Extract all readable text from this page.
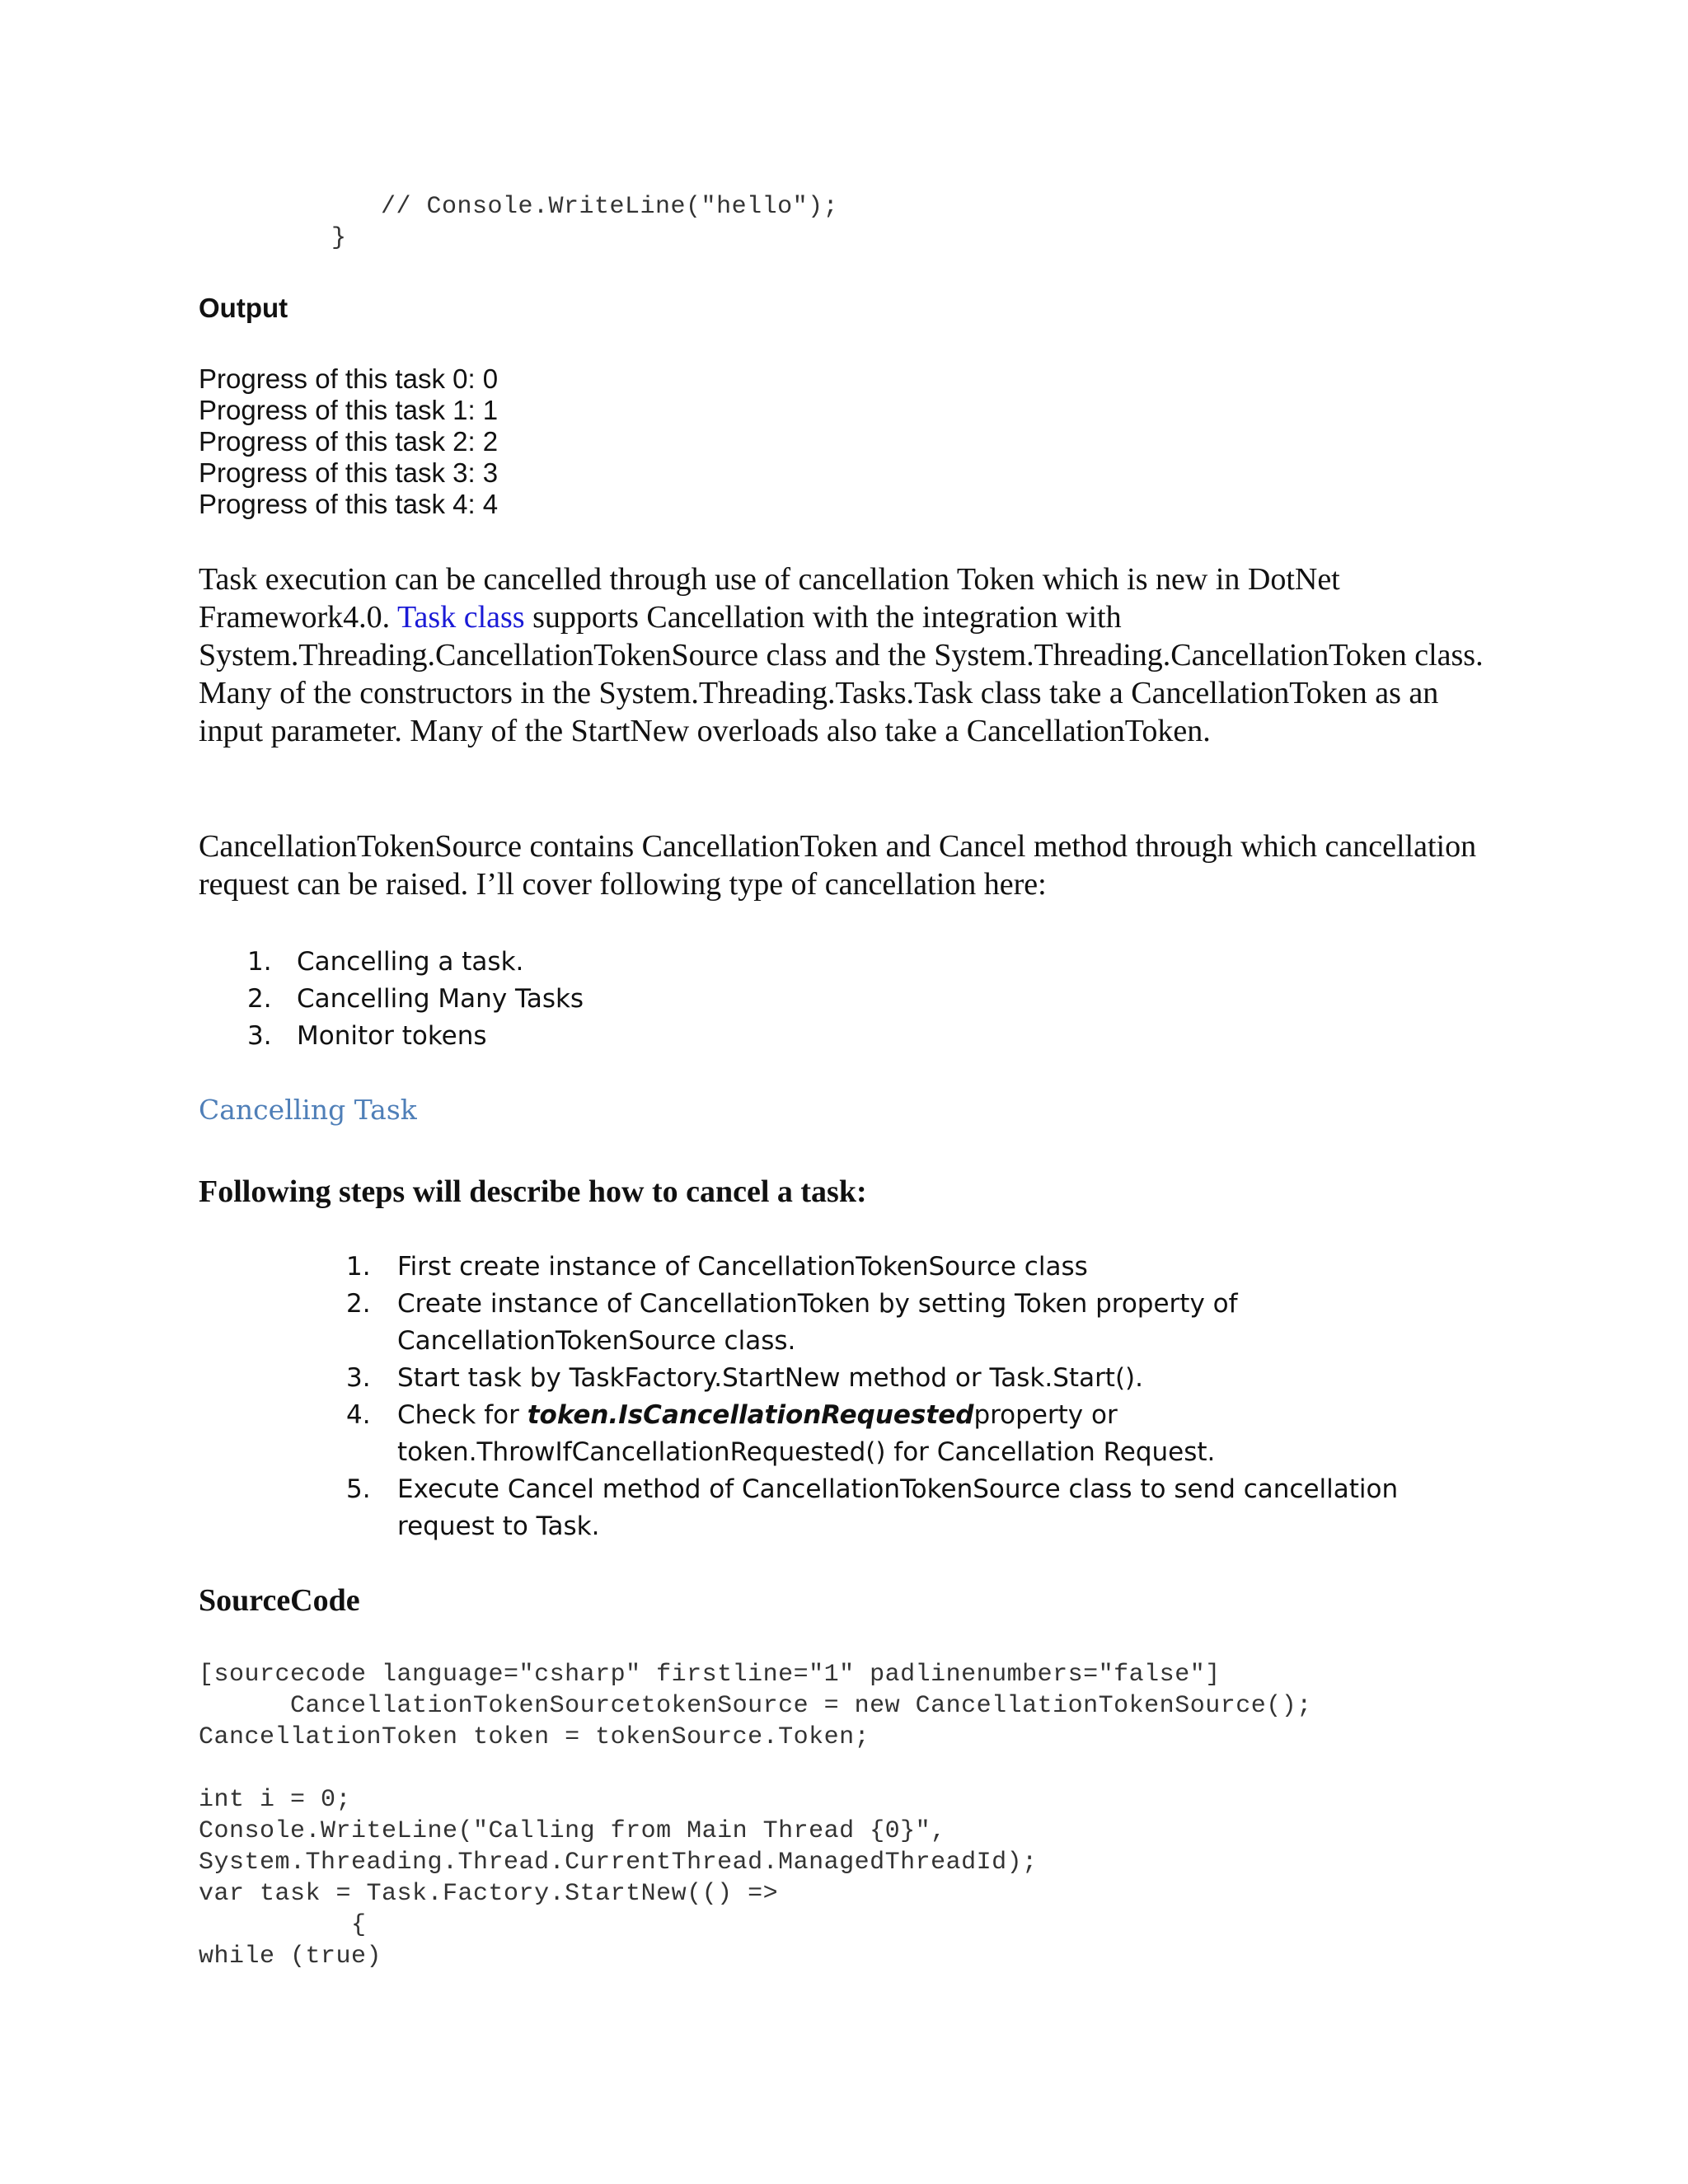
// Console.WriteLine("hello");
}
Output
Progress of this task 0: 0
Progress of this task 1: 1
Progress of this task 2: 2
Progress of this task 3: 3
Progress of this task 4: 4

Task execution can be cancelled through use of cancellation Token which is new in DotNet Framework4.0. Task class supports Cancellation with the integration with System.Threading.CancellationTokenSource class and the System.Threading.CancellationToken class. Many of the constructors in the System.Threading.Tasks.Task class take a CancellationToken as an input parameter. Many of the StartNew overloads also take a CancellationToken.

CancellationTokenSource contains CancellationToken and Cancel method through which cancellation request can be raised. I’ll cover following type of cancellation here:

1. Cancelling a task.
2. Cancelling Many Tasks
3. Monitor tokens
Cancelling Task
Following steps will describe how to cancel a task:
1.	First create instance of CancellationTokenSource class
2.	Create instance of CancellationToken by setting Token property of CancellationTokenSource class.
3.	Start task by TaskFactory.StartNew method or Task.Start().
4.	Check for token.IsCancellationRequestedproperty or token.ThrowIfCancellationRequested() for Cancellation Request.
5.	Execute Cancel method of CancellationTokenSource class to send cancellation request to Task.
SourceCode
[sourcecode language="csharp" firstline="1" padlinenumbers="false"]
CancellationTokenSourcetokenSource = new CancellationTokenSource();
CancellationToken token = tokenSource.Token;
int i = 0;
Console.WriteLine("Calling from Main Thread {0}",
System.Threading.Thread.CurrentThread.ManagedThreadId);
var task = Task.Factory.StartNew(() =>
{
while (true)
